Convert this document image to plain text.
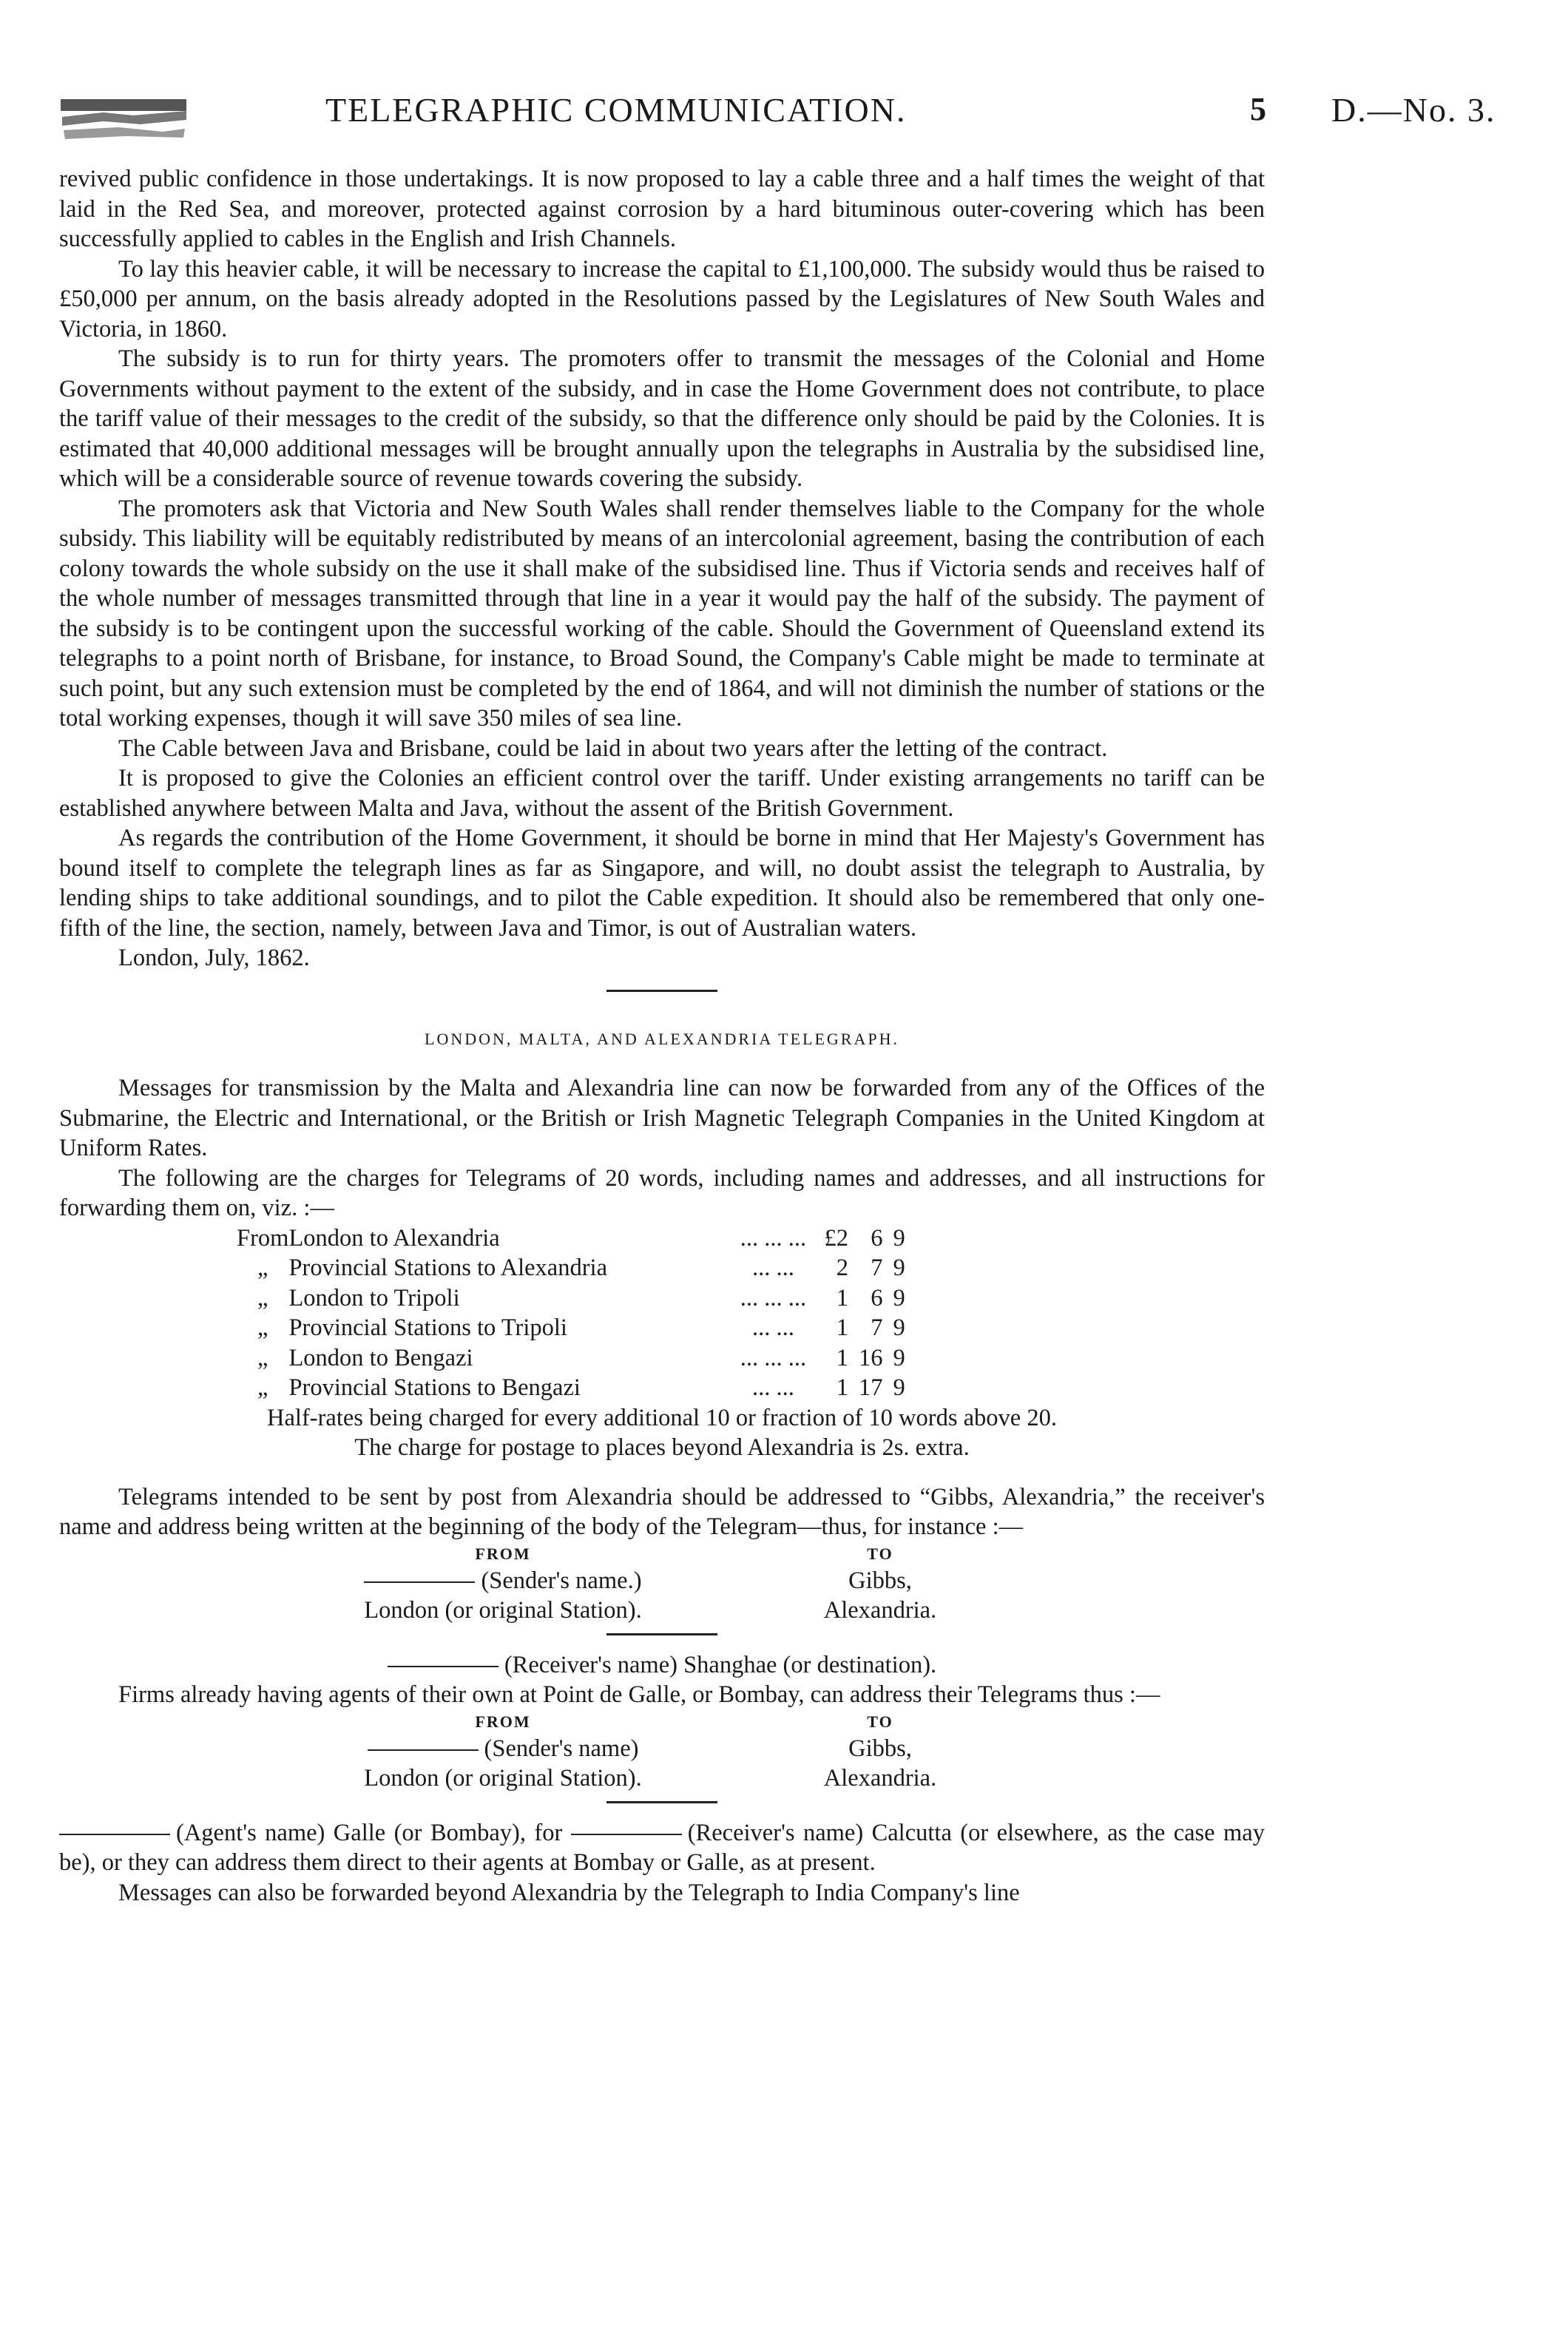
TELEGRAPHIC COMMUNICATION.	5 D.—No. 3.

revived public confidence in those undertakings. It is now proposed to lay a cable three and a half times the weight of that laid in the Red Sea, and moreover, protected against corrosion by a hard bituminous outer-covering which has been successfully applied to cables in the English and Irish Channels.

To lay this heavier cable, it will be necessary to increase the capital to £1,100,000. The subsidy would thus be raised to £50,000 per annum, on the basis already adopted in the Resolutions passed by the Legislatures of New South Wales and Victoria, in 1860.

The subsidy is to run for thirty years. The promoters offer to transmit the messages of the Colonial and Home Governments without payment to the extent of the subsidy, and in case the Home Government does not contribute, to place the tariff value of their messages to the credit of the subsidy, so that the difference only should be paid by the Colonies. It is estimated that 40,000 additional messages will be brought annually upon the telegraphs in Australia by the subsidised line, which will be a considerable source of revenue towards covering the subsidy.

The promoters ask that Victoria and New South Wales shall render themselves liable to the Company for the whole subsidy. This liability will be equitably redistributed by means of an intercolonial agreement, basing the contribution of each colony towards the whole subsidy on the use it shall make of the subsidised line. Thus if Victoria sends and receives half of the whole number of messages transmitted through that line in a year it would pay the half of the subsidy. The payment of the subsidy is to be contingent upon the successful working of the cable. Should the Government of Queensland extend its telegraphs to a point north of Brisbane, for instance, to Broad Sound, the Company's Cable might be made to terminate at such point, but any such extension must be completed by the end of 1864, and will not diminish the number of stations or the total working expenses, though it will save 350 miles of sea line.

The Cable between Java and Brisbane, could be laid in about two years after the letting of the contract.

It is proposed to give the Colonies an efficient control over the tariff. Under existing arrangements no tariff can be established anywhere between Malta and Java, without the assent of the British Government.

As regards the contribution of the Home Government, it should be borne in mind that Her Majesty's Government has bound itself to complete the telegraph lines as far as Singapore, and will, no doubt assist the telegraph to Australia, by lending ships to take additional soundings, and to pilot the Cable expedition. It should also be remembered that only one-fifth of the line, the section, namely, between Java and Timor, is out of Australian waters.

London, July, 1862.

LONDON, MALTA, AND ALEXANDRIA TELEGRAPH.

Messages for transmission by the Malta and Alexandria line can now be forwarded from any of the Offices of the Submarine, the Electric and International, or the British or Irish Magnetic Telegraph Companies in the United Kingdom at Uniform Rates.

The following are the charges for Telegrams of 20 words, including names and addresses, and all instructions for forwarding them on, viz. :—

From	London to Alexandria	... ... ...	£2	6	9
„	Provincial Stations to Alexandria	... ...	2	7	9
„	London to Tripoli	... ... ...	1	6	9
„	Provincial Stations to Tripoli	... ...	1	7	9
„	London to Bengazi	... ... ...	1	16	9
„	Provincial Stations to Bengazi	... ...	1	17	9

Half-rates being charged for every additional 10 or fraction of 10 words above 20.

The charge for postage to places beyond Alexandria is 2s. extra.

Telegrams intended to be sent by post from Alexandria should be addressed to “Gibbs, Alexandria,” the receiver's name and address being written at the beginning of the body of the Telegram—thus, for instance :—

FROM
(Sender's name.)
London (or original Station).
TO
Gibbs,
Alexandria.

(Receiver's name) Shanghae (or destination).

Firms already having agents of their own at Point de Galle, or Bombay, can address their Telegrams thus :—

FROM
(Sender's name)
London (or original Station).
TO
Gibbs,
Alexandria.

(Agent's name) Galle (or Bombay), for	(Receiver's name) Calcutta (or elsewhere, as the case may be), or they can address them direct to their agents at Bombay or Galle, as at present.

Messages can also be forwarded beyond Alexandria by the Telegraph to India Company's line
